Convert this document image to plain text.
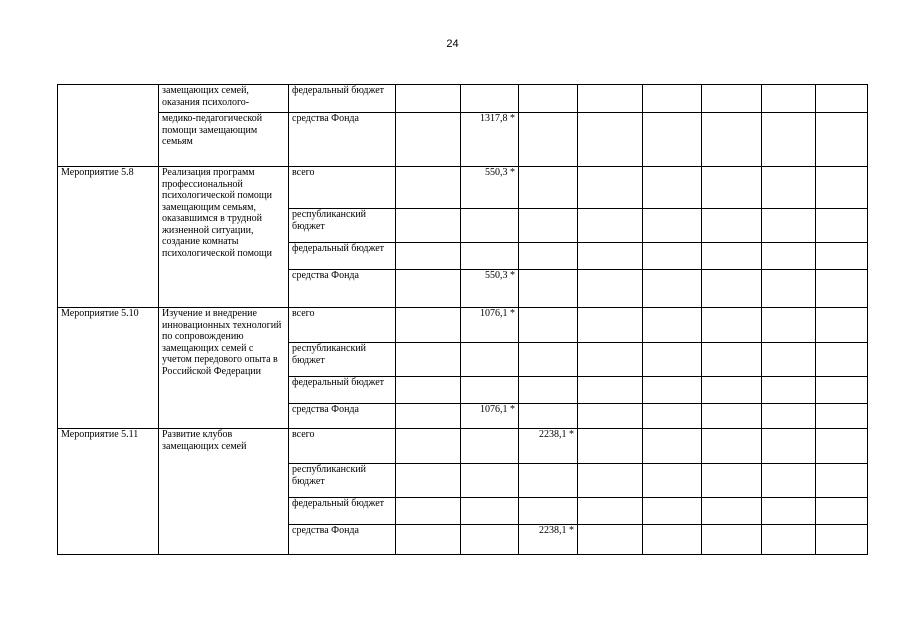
24
	замещающих семей, оказания психолого-	федеральный бюджет								
	медико-педагогической помощи замещающим семьям	средства Фонда		1317,8 *						
Мероприятие 5.8	Реализация программ профессиональной психологической помощи замещающим семьям, оказавшимся в трудной жизненной ситуации, создание комнаты психологической помощи	всего		550,3 *						
		республиканский бюджет								
		федеральный бюджет								
		средства Фонда		550,3 *						
Мероприятие 5.10	Изучение и внедрение инновационных технологий по сопровождению замещающих семей с учетом передового опыта в Российской Федерации	всего		1076,1 *						
		республиканский бюджет								
		федеральный бюджет								
		средства Фонда		1076,1 *						
Мероприятие 5.11	Развитие клубов замещающих семей	всего			2238,1 *					
		республиканский бюджет								
		федеральный бюджет								
		средства Фонда			2238,1 *					
